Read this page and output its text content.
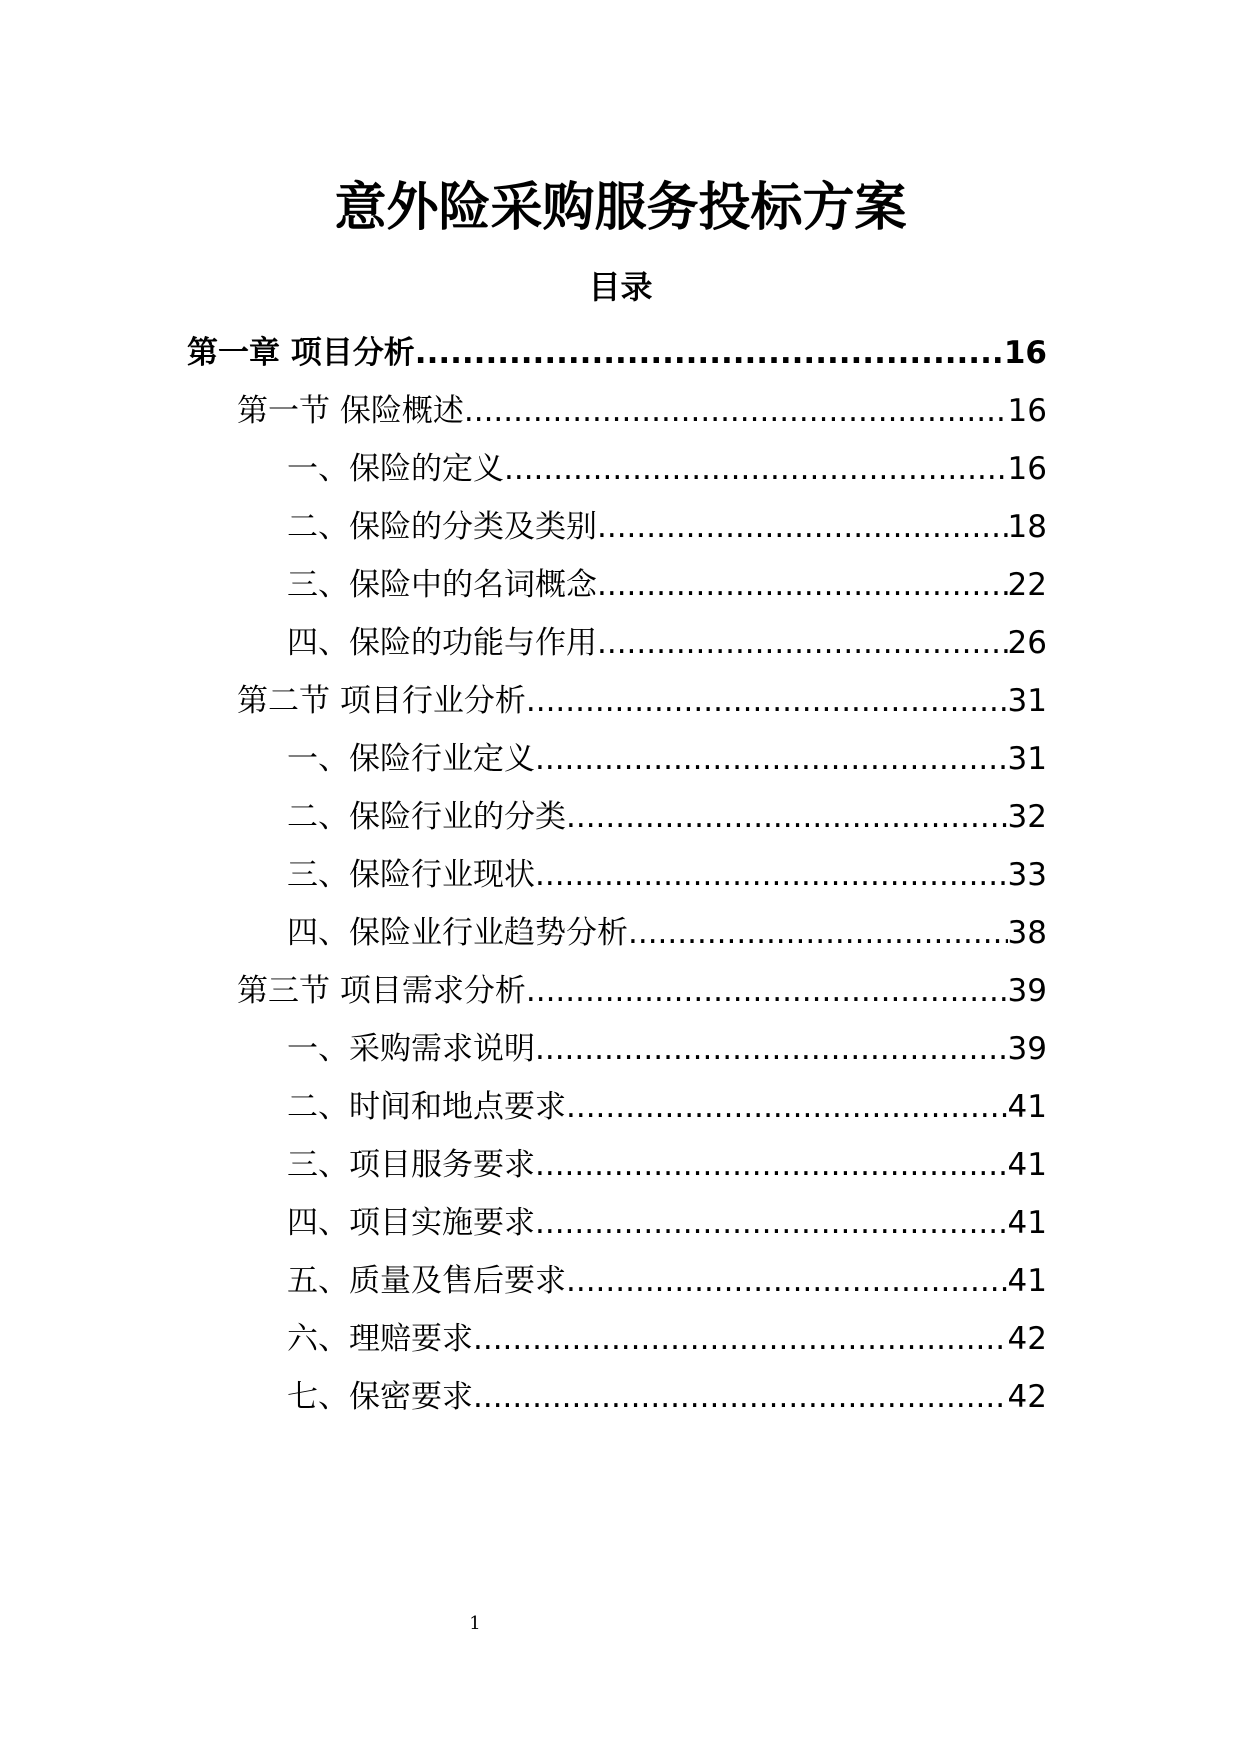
意外险采购服务投标方案
目录
第一章 项目分析 .....	16
第一节 保险概述 .....	16
一、保险的定义 .....	16
二、保险的分类及类别 .....	18
三、保险中的名词概念 .....	22
四、保险的功能与作用 .....	26
第二节 项目行业分析 .....	31
一、保险行业定义 .....	31
二、保险行业的分类 .....	32
三、保险行业现状 .....	33
四、保险业行业趋势分析 .....	38
第三节 项目需求分析 .....	39
一、采购需求说明 .....	39
二、时间和地点要求 .....	41
三、项目服务要求 .....	41
四、项目实施要求 .....	41
五、质量及售后要求 .....	41
六、理赔要求 .....	42
七、保密要求 .....	42
1
